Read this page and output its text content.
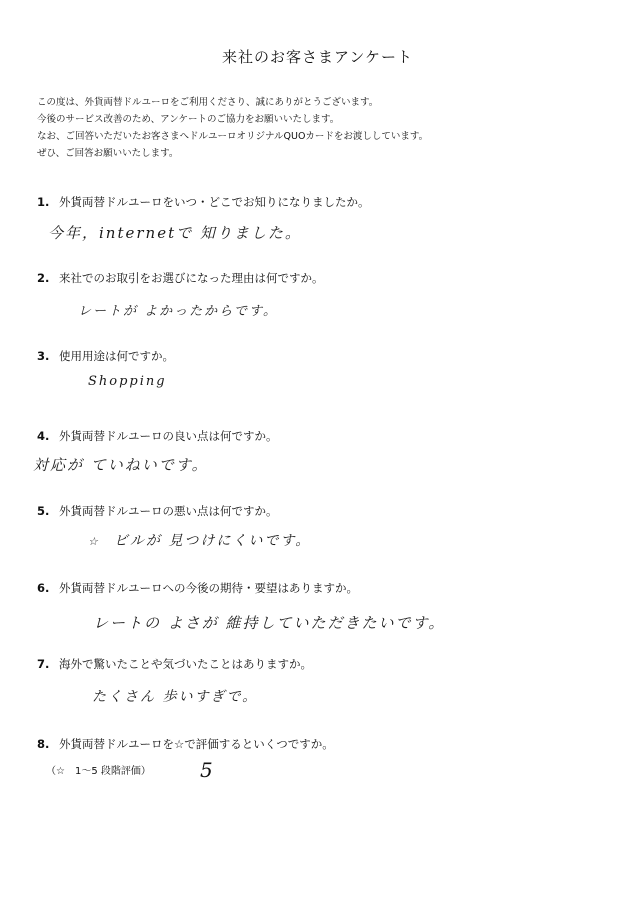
来社のお客さまアンケート
この度は、外貨両替ドルユーロをご利用くださり、誠にありがとうございます。
今後のサービス改善のため、アンケートのご協力をお願いいたします。
なお、ご回答いただいたお客さまへドルユーロオリジナルQUOカードをお渡ししています。
ぜひ、ご回答お願いいたします。
1. 外貨両替ドルユーロをいつ・どこでお知りになりましたか。
今年，internetで 知りました。
2. 来社でのお取引をお選びになった理由は何ですか。
レートが よかったからです。
3. 使用用途は何ですか。
Shopping
4. 外貨両替ドルユーロの良い点は何ですか。
対応が ていねいです。
5. 外貨両替ドルユーロの悪い点は何ですか。
☆ ビルが 見つけにくいです。
6. 外貨両替ドルユーロへの今後の期待・要望はありますか。
レートの よさが 維持していただきたいです。
7. 海外で驚いたことや気づいたことはありますか。
たくさん 歩いすぎで。
8. 外貨両替ドルユーロを☆で評価するといくつですか。
（☆　1〜5 段階評価） 5
